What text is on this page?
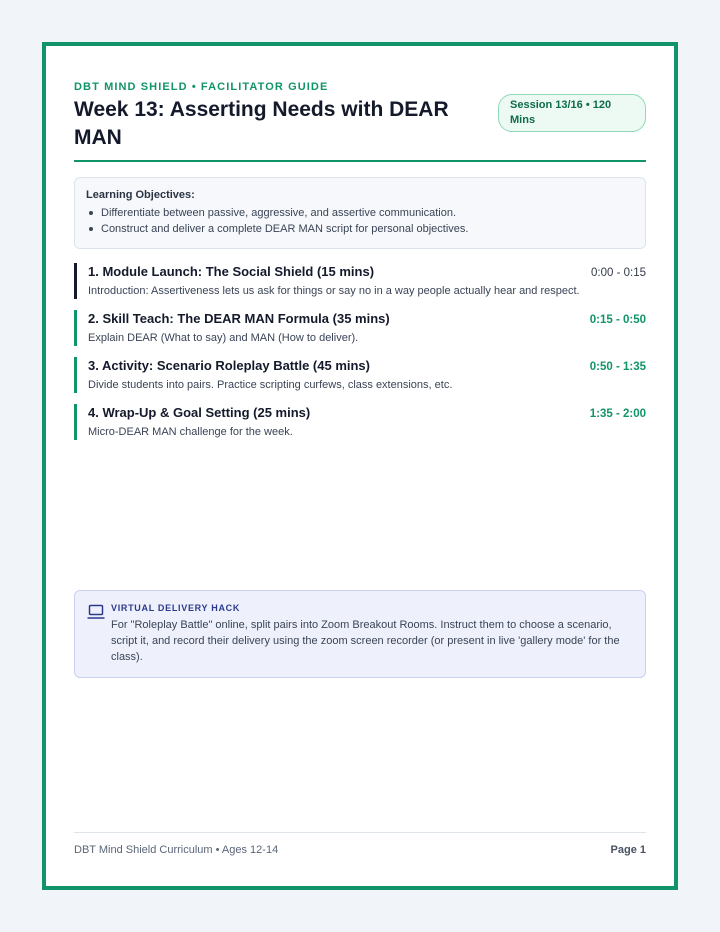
DBT MIND SHIELD • FACILITATOR GUIDE
Week 13: Asserting Needs with DEAR MAN
Session 13/16 • 120 Mins
Learning Objectives:
Differentiate between passive, aggressive, and assertive communication.
Construct and deliver a complete DEAR MAN script for personal objectives.
1. Module Launch: The Social Shield (15 mins)	0:00 - 0:15
Introduction: Assertiveness lets us ask for things or say no in a way people actually hear and respect.
2. Skill Teach: The DEAR MAN Formula (35 mins)	0:15 - 0:50
Explain DEAR (What to say) and MAN (How to deliver).
3. Activity: Scenario Roleplay Battle (45 mins)	0:50 - 1:35
Divide students into pairs. Practice scripting curfews, class extensions, etc.
4. Wrap-Up & Goal Setting (25 mins)	1:35 - 2:00
Micro-DEAR MAN challenge for the week.
VIRTUAL DELIVERY HACK
For "Roleplay Battle" online, split pairs into Zoom Breakout Rooms. Instruct them to choose a scenario, script it, and record their delivery using the zoom screen recorder (or present in live 'gallery mode' for the class).
DBT Mind Shield Curriculum • Ages 12-14	Page 1
